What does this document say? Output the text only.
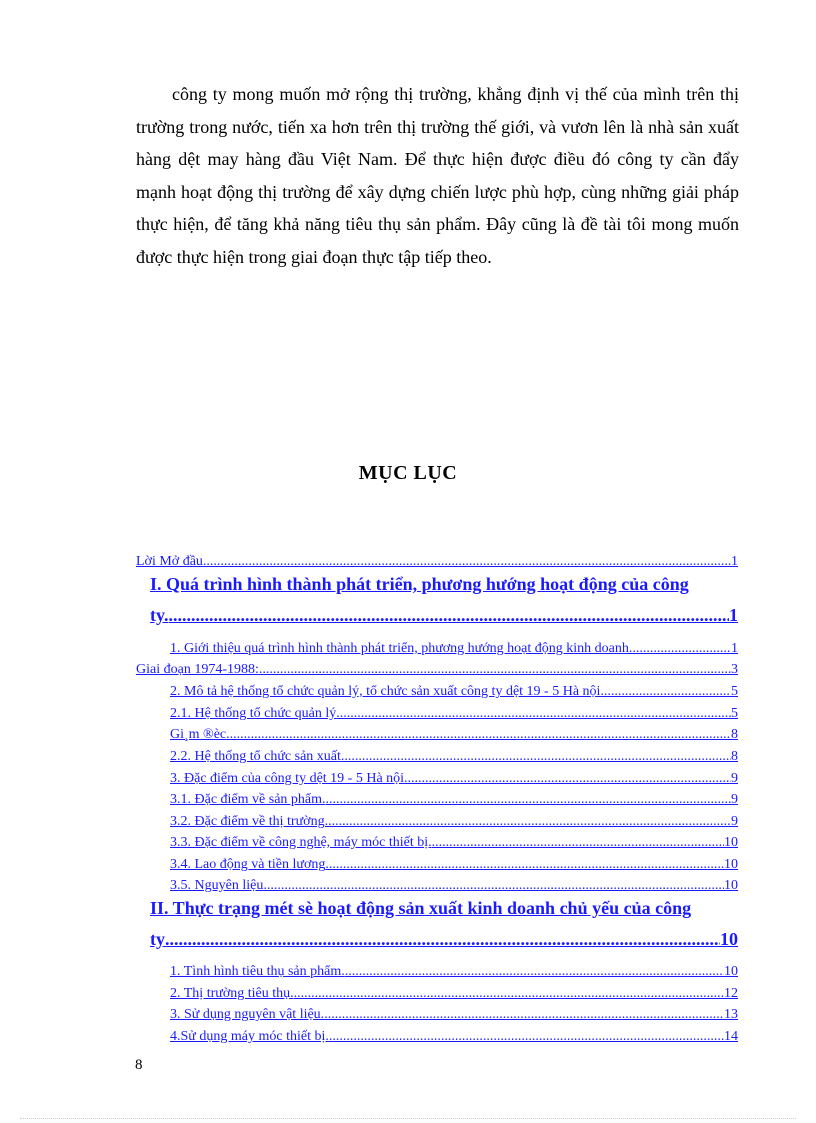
công ty mong muốn mở rộng thị trường, khẳng định vị thế của mình trên thị trường trong nước, tiến xa hơn trên thị trường thế giới, và vươn lên là nhà sản xuất hàng dệt may hàng đầu Việt Nam. Để thực hiện được điều đó công ty cần đẩy mạnh hoạt động thị trường để xây dựng chiến lược phù hợp, cùng những giải pháp thực hiện, để tăng khả năng tiêu thụ sản phẩm. Đây cũng là đề tài tôi mong muốn được thực hiện trong giai đoạn thực tập tiếp theo.
MỤC LỤC
Lời Mở đầu .....	1
I. Quá trình hình thành phát triển, phương hướng hoạt động của công
ty. .....	1
1. Giới thiệu quá trình hình thành phát triển, phương hướng hoạt động kinh doanh. .....	1
Giai đoạn 1974-1988: .....	3
2. Mô tả hệ thống tổ chức quản lý, tổ chức sản xuất công ty dệt 19 - 5 Hà nội .....	5
2.1. Hệ thống tổ chức quản lý .....	5
Gi¸m ®èc .....	8
2.2. Hệ thống tổ chức sản xuất .....	8
3. Đặc điểm của công ty dệt 19 - 5 Hà nội .....	9
3.1. Đặc điểm về sản phẩm. .....	9
3.2. Đặc điểm về thị trường .....	9
3.3. Đặc điểm về công nghệ, máy móc thiết bị. .....	10
3.4. Lao động và tiền lương .....	10
3.5. Nguyên liệu .....	10
II. Thực trạng mét sè hoạt động sản xuất kinh doanh chủ yếu của công
ty .....	10
1. Tình hình tiêu thụ sản phẩm. .....	10
2. Thị trường tiêu thụ. .....	12
3. Sử dụng nguyên vật liệu. .....	13
4.Sử dụng máy móc thiết bị. .....	14
8
